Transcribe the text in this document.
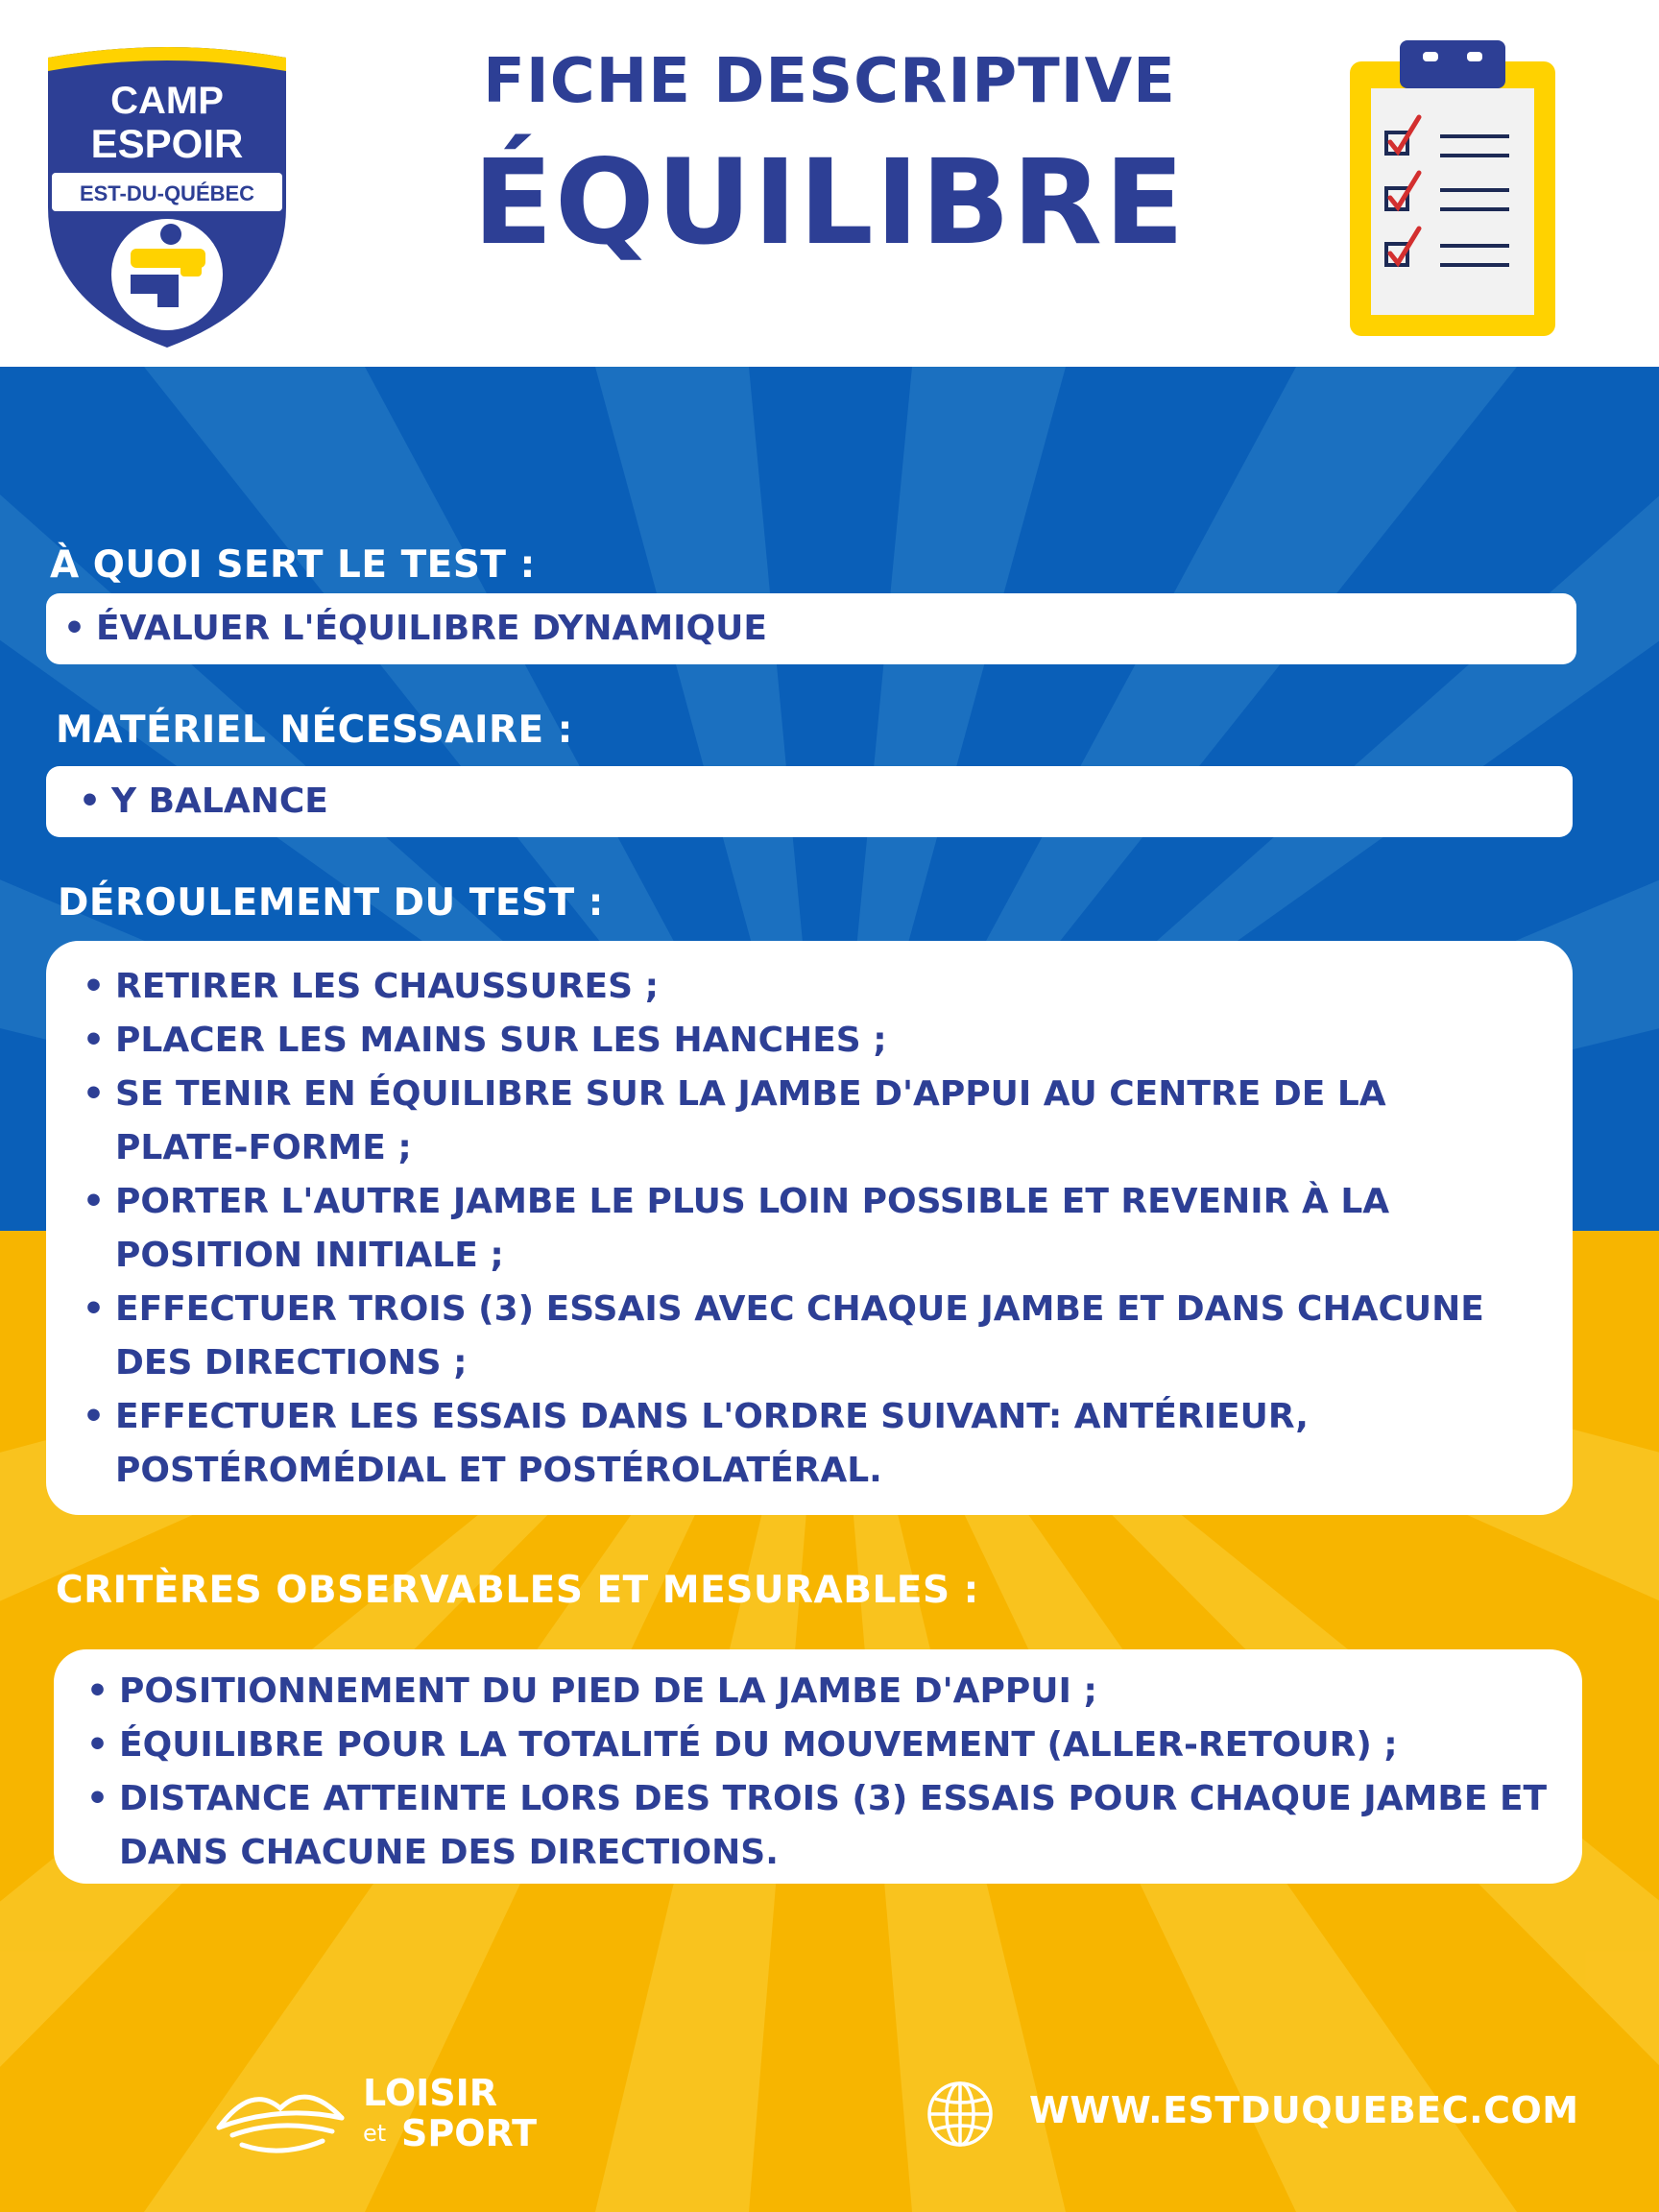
CAMP
ESPOIR
EST-DU-QUÉBEC
FICHE DESCRIPTIVE
ÉQUILIBRE
À QUOI SERT LE TEST :
• ÉVALUER L'ÉQUILIBRE DYNAMIQUE
MATÉRIEL NÉCESSAIRE :
• Y BALANCE
DÉROULEMENT DU TEST :
• RETIRER LES CHAUSSURES ;
• PLACER LES MAINS SUR LES HANCHES ;
• SE TENIR EN ÉQUILIBRE SUR LA JAMBE D'APPUI AU CENTRE DE LA PLATE-FORME ;
• PORTER L'AUTRE JAMBE LE PLUS LOIN POSSIBLE ET REVENIR À LA POSITION INITIALE ;
• EFFECTUER TROIS (3) ESSAIS AVEC CHAQUE JAMBE ET DANS CHACUNE DES DIRECTIONS ;
• EFFECTUER LES ESSAIS DANS L'ORDRE SUIVANT: ANTÉRIEUR, POSTÉROMÉDIAL ET POSTÉROLATÉRAL.
CRITÈRES OBSERVABLES ET MESURABLES :
• POSITIONNEMENT DU PIED DE LA JAMBE D'APPUI ;
• ÉQUILIBRE POUR LA TOTALITÉ DU MOUVEMENT (ALLER-RETOUR) ;
• DISTANCE ATTEINTE LORS DES TROIS (3) ESSAIS POUR CHAQUE JAMBE ET DANS CHACUNE DES DIRECTIONS.
LOISIR
et SPORT
WWW.ESTDUQUEBEC.COM
